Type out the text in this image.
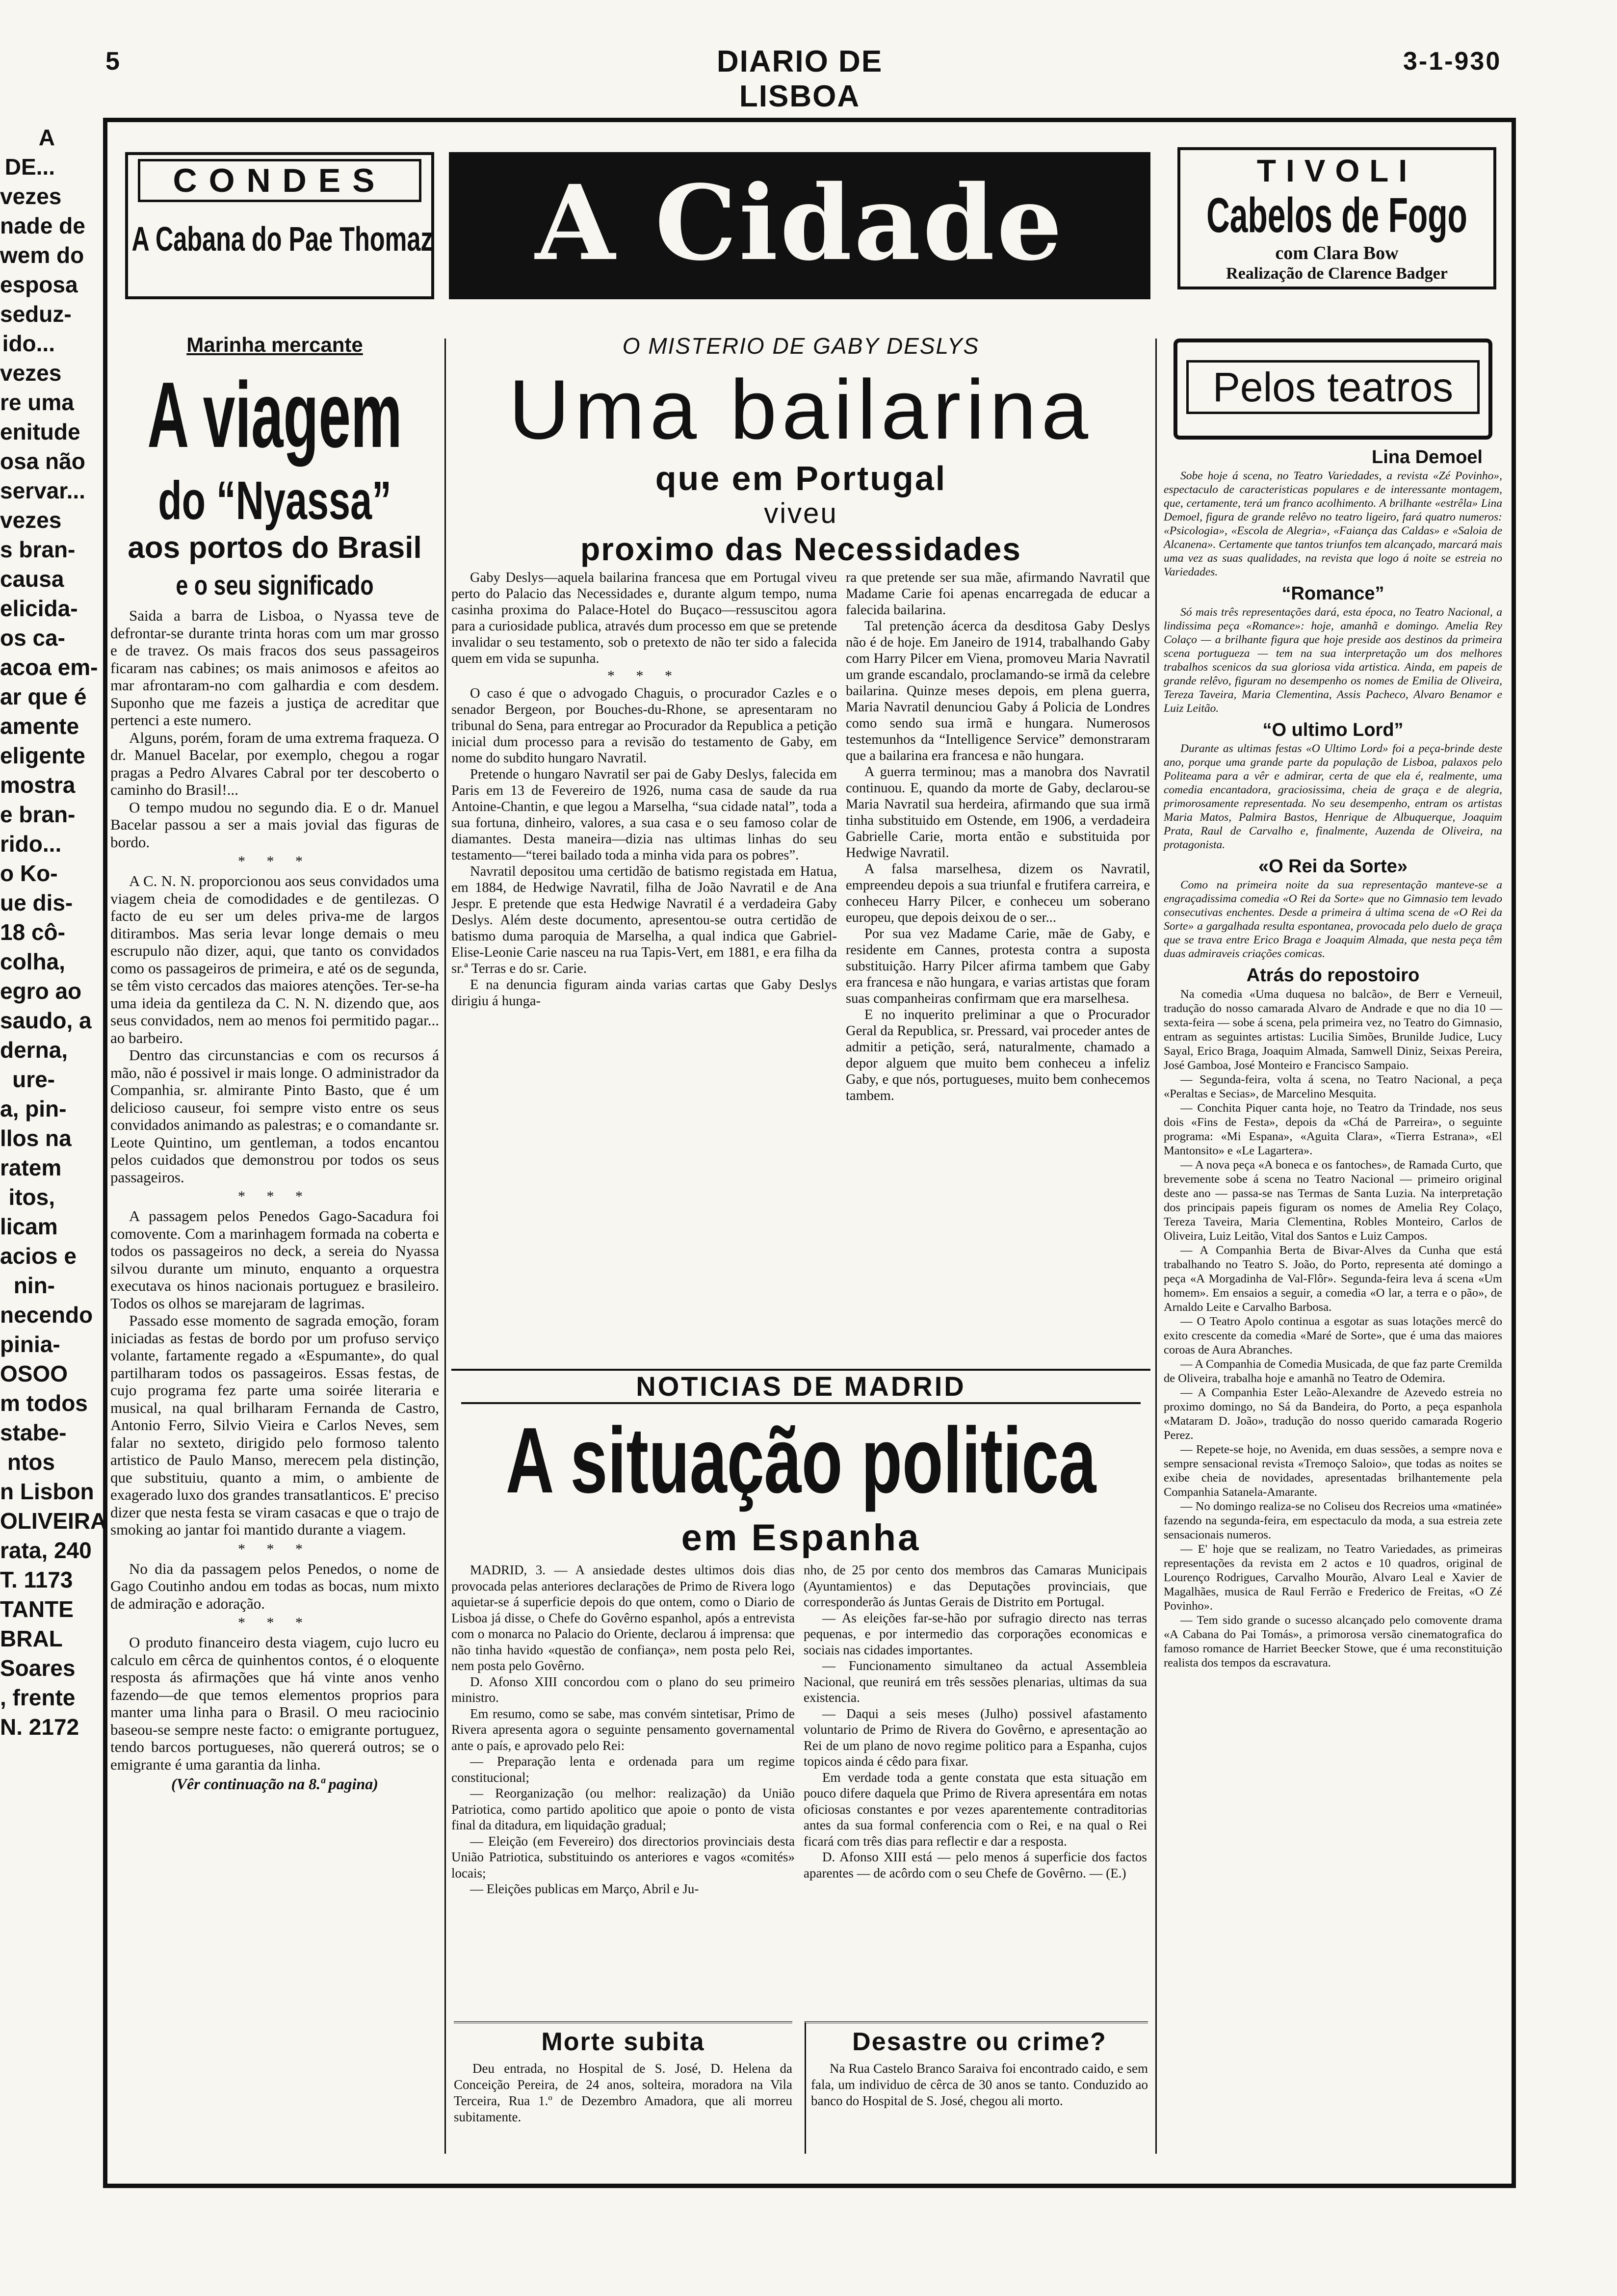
5	DIARIO DE LISBOA
3-1-930
A
DE...
vezes
nade de
wem do
esposa
seduz-
ido...
vezes
re uma
enitude
osa não
servar...
vezes
s bran-
causa
elicida-
os ca-
acoa em-
ar que é
amente
eligente
mostra
e bran-
rido...
o Ko-
ue dis-
18 cô-
colha,
egro ao
saudo, a
derna,
ure-
a, pin-
llos na
ratem
itos,
licam
acios e
nin-
necendo
pinia-
OSOO
m todos
stabe-
ntos
n Lisbon
OLIVEIRA
rata, 240
T. 1173
TANTE
BRAL
Soares
, frente
N. 2172
CONDES
A Cabana do Pae Thomaz A Cidade	TIVOLI
Cabelos de Fogo
com Clara Bow
Realização de Clarence Badger
Marinha mercante
A viagem
do “Nyassa”
aos portos do Brasil
e o seu significado

Saida a barra de Lisboa, o Nyassa teve de defrontar-se durante trinta horas com um mar grosso e de travez. Os mais fracos dos seus passageiros ficaram nas cabines; os mais animosos e afeitos ao mar afrontaram-no com galhardia e com desdem. Suponho que me fazeis a justiça de acreditar que pertenci a este numero.

Alguns, porém, foram de uma extrema fraqueza. O dr. Manuel Bacelar, por exemplo, chegou a rogar pragas a Pedro Alvares Cabral por ter descoberto o caminho do Brasil!...

O tempo mudou no segundo dia. E o dr. Manuel Bacelar passou a ser a mais jovial das figuras de bordo.

* * *

A C. N. N. proporcionou aos seus convidados uma viagem cheia de comodidades e de gentilezas. O facto de eu ser um deles priva-me de largos ditirambos. Mas seria levar longe demais o meu escrupulo não dizer, aqui, que tanto os convidados como os passageiros de primeira, e até os de segunda, se têm visto cercados das maiores atenções. Ter-se-ha uma ideia da gentileza da C. N. N. dizendo que, aos seus convidados, nem ao menos foi permitido pagar... ao barbeiro.

Dentro das circunstancias e com os recursos á mão, não é possivel ir mais longe. O administrador da Companhia, sr. almirante Pinto Basto, que é um delicioso causeur, foi sempre visto entre os seus convidados animando as palestras; e o comandante sr. Leote Quintino, um gentleman, a todos encantou pelos cuidados que demonstrou por todos os seus passageiros.

* * *

A passagem pelos Penedos Gago-Sacadura foi comovente. Com a marinhagem formada na coberta e todos os passageiros no deck, a sereia do Nyassa silvou durante um minuto, enquanto a orquestra executava os hinos nacionais portuguez e brasileiro. Todos os olhos se marejaram de lagrimas.

Passado esse momento de sagrada emoção, foram iniciadas as festas de bordo por um profuso serviço volante, fartamente regado a «Espumante», do qual partilharam todos os passageiros. Essas festas, de cujo programa fez parte uma soirée literaria e musical, na qual brilharam Fernanda de Castro, Antonio Ferro, Silvio Vieira e Carlos Neves, sem falar no sexteto, dirigido pelo formoso talento artistico de Paulo Manso, merecem pela distinção, que substituiu, quanto a mim, o ambiente de exagerado luxo dos grandes transatlanticos. E' preciso dizer que nesta festa se viram casacas e que o trajo de smoking ao jantar foi mantido durante a viagem.

* * *

No dia da passagem pelos Penedos, o nome de Gago Coutinho andou em todas as bocas, num mixto de admiração e adoração.

* * *

O produto financeiro desta viagem, cujo lucro eu calculo em cêrca de quinhentos contos, é o eloquente resposta ás afirmações que há vinte anos venho fazendo—de que temos elementos proprios para manter uma linha para o Brasil. O meu raciocinio baseou-se sempre neste facto: o emigrante portuguez, tendo barcos portugueses, não quererá outros; se o emigrante é uma garantia da linha.

(Vêr continuação na 8.ª pagina)
O MISTERIO DE GABY DESLYS
Uma bailarina
que em Portugal
viveu
proximo das Necessidades

Gaby Deslys—aquela bailarina francesa que em Portugal viveu perto do Palacio das Necessidades e, durante algum tempo, numa casinha proxima do Palace-Hotel do Buçaco—ressuscitou agora para a curiosidade publica, através dum processo em que se pretende invalidar o seu testamento, sob o pretexto de não ter sido a falecida quem em vida se supunha.

* * *

O caso é que o advogado Chaguis, o procurador Cazles e o senador Bergeon, por Bouches-du-Rhone, se apresentaram no tribunal do Sena, para entregar ao Procurador da Republica a petição inicial dum processo para a revisão do testamento de Gaby, em nome do subdito hungaro Navratil.

Pretende o hungaro Navratil ser pai de Gaby Deslys, falecida em Paris em 13 de Fevereiro de 1926, numa casa de saude da rua Antoine-Chantin, e que legou a Marselha, “sua cidade natal”, toda a sua fortuna, dinheiro, valores, a sua casa e o seu famoso colar de diamantes. Desta maneira—dizia nas ultimas linhas do seu testamento—“terei bailado toda a minha vida para os pobres”.

Navratil depositou uma certidão de batismo registada em Hatua, em 1884, de Hedwige Navratil, filha de João Navratil e de Ana Jespr. E pretende que esta Hedwige Navratil é a verdadeira Gaby Deslys. Além deste documento, apresentou-se outra certidão de batismo duma paroquia de Marselha, a qual indica que Gabriel-Elise-Leonie Carie nasceu na rua Tapis-Vert, em 1881, e era filha da sr.ª Terras e do sr. Carie.

E na denuncia figuram ainda varias cartas que Gaby Deslys dirigiu á hunga-

ra que pretende ser sua mãe, afirmando Navratil que Madame Carie foi apenas encarregada de educar a falecida bailarina.

Tal pretenção ácerca da desditosa Gaby Deslys não é de hoje. Em Janeiro de 1914, trabalhando Gaby com Harry Pilcer em Viena, promoveu Maria Navratil um grande escandalo, proclamando-se irmã da celebre bailarina. Quinze meses depois, em plena guerra, Maria Navratil denunciou Gaby á Policia de Londres como sendo sua irmã e hungara. Numerosos testemunhos da “Intelligence Service” demonstraram que a bailarina era francesa e não hungara.

A guerra terminou; mas a manobra dos Navratil continuou. E, quando da morte de Gaby, declarou-se Maria Navratil sua herdeira, afirmando que sua irmã tinha substituido em Ostende, em 1906, a verdadeira Gabrielle Carie, morta então e substituida por Hedwige Navratil.

A falsa marselhesa, dizem os Navratil, empreendeu depois a sua triunfal e frutifera carreira, e conheceu Harry Pilcer, e conheceu um soberano europeu, que depois deixou de o ser...

Por sua vez Madame Carie, mãe de Gaby, e residente em Cannes, protesta contra a suposta substituição. Harry Pilcer afirma tambem que Gaby era francesa e não hungara, e varias artistas que foram suas companheiras confirmam que era marselhesa.

E no inquerito preliminar a que o Procurador Geral da Republica, sr. Pressard, vai proceder antes de admitir a petição, será, naturalmente, chamado a depor alguem que muito bem conheceu a infeliz Gaby, e que nós, portugueses, muito bem conhecemos tambem.

NOTICIAS DE MADRID
A situação politica
em Espanha

MADRID, 3. — A ansiedade destes ultimos dois dias provocada pelas anteriores declarações de Primo de Rivera logo aquietar-se á superficie depois do que ontem, como o Diario de Lisboa já disse, o Chefe do Govêrno espanhol, após a entrevista com o monarca no Palacio do Oriente, declarou á imprensa: que não tinha havido «questão de confiança», nem posta pelo Rei, nem posta pelo Govêrno.

D. Afonso XIII concordou com o plano do seu primeiro ministro.

Em resumo, como se sabe, mas convém sintetisar, Primo de Rivera apresenta agora o seguinte pensamento governamental ante o país, e aprovado pelo Rei:

— Preparação lenta e ordenada para um regime constitucional;

— Reorganização (ou melhor: realização) da União Patriotica, como partido apolitico que apoie o ponto de vista final da ditadura, em liquidação gradual;

— Eleição (em Fevereiro) dos directorios provinciais desta União Patriotica, substituindo os anteriores e vagos «comités» locais;

— Eleições publicas em Março, Abril e Ju-

nho, de 25 por cento dos membros das Camaras Municipais (Ayuntamientos) e das Deputações provinciais, que corresponderão ás Juntas Gerais de Distrito em Portugal.

— As eleições far-se-hão por sufragio directo nas terras pequenas, e por intermedio das corporações economicas e sociais nas cidades importantes.

— Funcionamento simultaneo da actual Assembleia Nacional, que reunirá em três sessões plenarias, ultimas da sua existencia.

— Daqui a seis meses (Julho) possivel afastamento voluntario de Primo de Rivera do Govêrno, e apresentação ao Rei de um plano de novo regime politico para a Espanha, cujos topicos ainda é cêdo para fixar.

Em verdade toda a gente constata que esta situação em pouco difere daquela que Primo de Rivera apresentára em notas oficiosas constantes e por vezes aparentemente contraditorias antes da sua formal conferencia com o Rei, e na qual o Rei ficará com três dias para reflectir e dar a resposta.

D. Afonso XIII está — pelo menos á superficie dos factos aparentes — de acôrdo com o seu Chefe de Govêrno. — (E.)

Morte subita
Deu entrada, no Hospital de S. José, D. Helena da Conceição Pereira, de 24 anos, solteira, moradora na Vila Terceira, Rua 1.º de Dezembro Amadora, que ali morreu subitamente.
Desastre ou crime?
Na Rua Castelo Branco Saraiva foi encontrado caido, e sem fala, um individuo de cêrca de 30 anos se tanto. Conduzido ao banco do Hospital de S. José, chegou ali morto.
Pelos teatros
Lina Demoel

Sobe hoje á scena, no Teatro Variedades, a revista «Zé Povinho», espectaculo de caracteristicas populares e de interessante montagem, que, certamente, terá um franco acolhimento. A brilhante «estrêla» Lina Demoel, figura de grande relêvo no teatro ligeiro, fará quatro numeros: «Psicologia», «Escola de Alegria», «Faiança das Caldas» e «Saloia de Alcanena». Certamente que tantos triunfos tem alcançado, marcará mais uma vez as suas qualidades, na revista que logo á noite se estreia no Variedades.

“Romance”

Só mais três representações dará, esta época, no Teatro Nacional, a lindissima peça «Romance»: hoje, amanhã e domingo. Amelia Rey Colaço — a brilhante figura que hoje preside aos destinos da primeira scena portugueza — tem na sua interpretação um dos melhores trabalhos scenicos da sua gloriosa vida artistica. Ainda, em papeis de grande relêvo, figuram no desempenho os nomes de Emilia de Oliveira, Tereza Taveira, Maria Clementina, Assis Pacheco, Alvaro Benamor e Luiz Leitão.

“O ultimo Lord”

Durante as ultimas festas «O Ultimo Lord» foi a peça-brinde deste ano, porque uma grande parte da população de Lisboa, palaxos pelo Politeama para a vêr e admirar, certa de que ela é, realmente, uma comedia encantadora, graciosissima, cheia de graça e de alegria, primorosamente representada. No seu desempenho, entram os artistas Maria Matos, Palmira Bastos, Henrique de Albuquerque, Joaquim Prata, Raul de Carvalho e, finalmente, Auzenda de Oliveira, na protagonista.

«O Rei da Sorte»

Como na primeira noite da sua representação manteve-se a engraçadissima comedia «O Rei da Sorte» que no Gimnasio tem levado consecutivas enchentes. Desde a primeira á ultima scena de «O Rei da Sorte» a gargalhada resulta espontanea, provocada pelo duelo de graça que se trava entre Erico Braga e Joaquim Almada, que nesta peça têm duas admiraveis criações comicas.

Atrás do repostoiro

Na comedia «Uma duquesa no balcão», de Berr e Verneuil, tradução do nosso camarada Alvaro de Andrade e que no dia 10 — sexta-feira — sobe á scena, pela primeira vez, no Teatro do Gimnasio, entram as seguintes artistas: Lucilia Simões, Brunilde Judice, Lucy Sayal, Erico Braga, Joaquim Almada, Samwell Diniz, Seixas Pereira, José Gamboa, José Monteiro e Francisco Sampaio.

— Segunda-feira, volta á scena, no Teatro Nacional, a peça «Peraltas e Secias», de Marcelino Mesquita.

— Conchita Piquer canta hoje, no Teatro da Trindade, nos seus dois «Fins de Festa», depois da «Chá de Parreira», o seguinte programa: «Mi Espana», «Aguita Clara», «Tierra Estrana», «El Mantonsito» e «Le Lagartera».

— A nova peça «A boneca e os fantoches», de Ramada Curto, que brevemente sobe á scena no Teatro Nacional — primeiro original deste ano — passa-se nas Termas de Santa Luzia. Na interpretação dos principais papeis figuram os nomes de Amelia Rey Colaço, Tereza Taveira, Maria Clementina, Robles Monteiro, Carlos de Oliveira, Luiz Leitão, Vital dos Santos e Luiz Campos.

— A Companhia Berta de Bivar-Alves da Cunha que está trabalhando no Teatro S. João, do Porto, representa até domingo a peça «A Morgadinha de Val-Flôr». Segunda-feira leva á scena «Um homem». Em ensaios a seguir, a comedia «O lar, a terra e o pão», de Arnaldo Leite e Carvalho Barbosa.

— O Teatro Apolo continua a esgotar as suas lotações mercê do exito crescente da comedia «Maré de Sorte», que é uma das maiores coroas de Aura Abranches.

— A Companhia de Comedia Musicada, de que faz parte Cremilda de Oliveira, trabalha hoje e amanhã no Teatro de Odemira.

— A Companhia Ester Leão-Alexandre de Azevedo estreia no proximo domingo, no Sá da Bandeira, do Porto, a peça espanhola «Mataram D. João», tradução do nosso querido camarada Rogerio Perez.

— Repete-se hoje, no Avenida, em duas sessões, a sempre nova e sempre sensacional revista «Tremoço Saloio», que todas as noites se exibe cheia de novidades, apresentadas brilhantemente pela Companhia Satanela-Amarante.

— No domingo realiza-se no Coliseu dos Recreios uma «matinée» fazendo na segunda-feira, em espectaculo da moda, a sua estreia zete sensacionais numeros.

— E' hoje que se realizam, no Teatro Variedades, as primeiras representações da revista em 2 actos e 10 quadros, original de Lourenço Rodrigues, Carvalho Mourão, Alvaro Leal e Xavier de Magalhães, musica de Raul Ferrão e Frederico de Freitas, «O Zé Povinho».

— Tem sido grande o sucesso alcançado pelo comovente drama «A Cabana do Pai Tomás», a primorosa versão cinematografica do famoso romance de Harriet Beecker Stowe, que é uma reconstituição realista dos tempos da escravatura.
